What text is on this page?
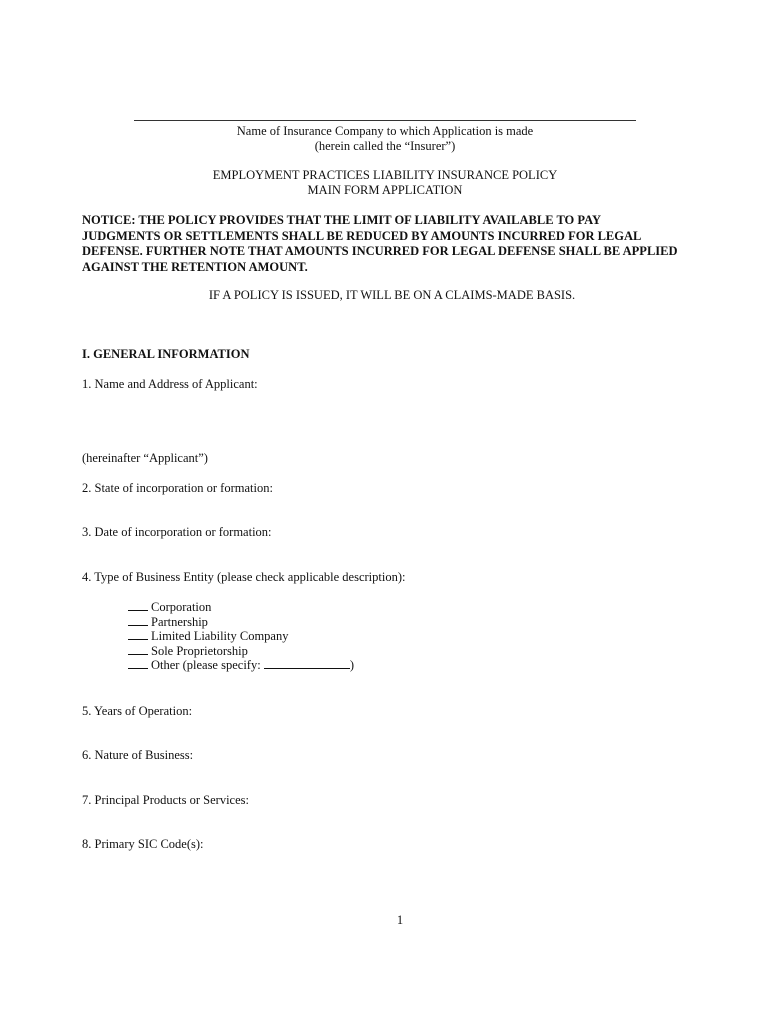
Name of Insurance Company to which Application is made
(herein called the “Insurer”)
EMPLOYMENT PRACTICES LIABILITY INSURANCE POLICY
MAIN FORM APPLICATION
NOTICE: THE POLICY PROVIDES THAT THE LIMIT OF LIABILITY AVAILABLE TO PAY
JUDGMENTS OR SETTLEMENTS SHALL BE REDUCED BY AMOUNTS INCURRED FOR LEGAL
DEFENSE. FURTHER NOTE THAT AMOUNTS INCURRED FOR LEGAL DEFENSE SHALL BE APPLIED
AGAINST THE RETENTION AMOUNT.
IF A POLICY IS ISSUED, IT WILL BE ON A CLAIMS-MADE BASIS.
I. GENERAL INFORMATION
1. Name and Address of Applicant:
(hereinafter “Applicant”)
2. State of incorporation or formation:
3. Date of incorporation or formation:
4. Type of Business Entity (please check applicable description):
Corporation
Partnership
Limited Liability Company
Sole Proprietorship
Other (please specify:	)
5. Years of Operation:
6. Nature of Business:
7. Principal Products or Services:
8. Primary SIC Code(s):
1
